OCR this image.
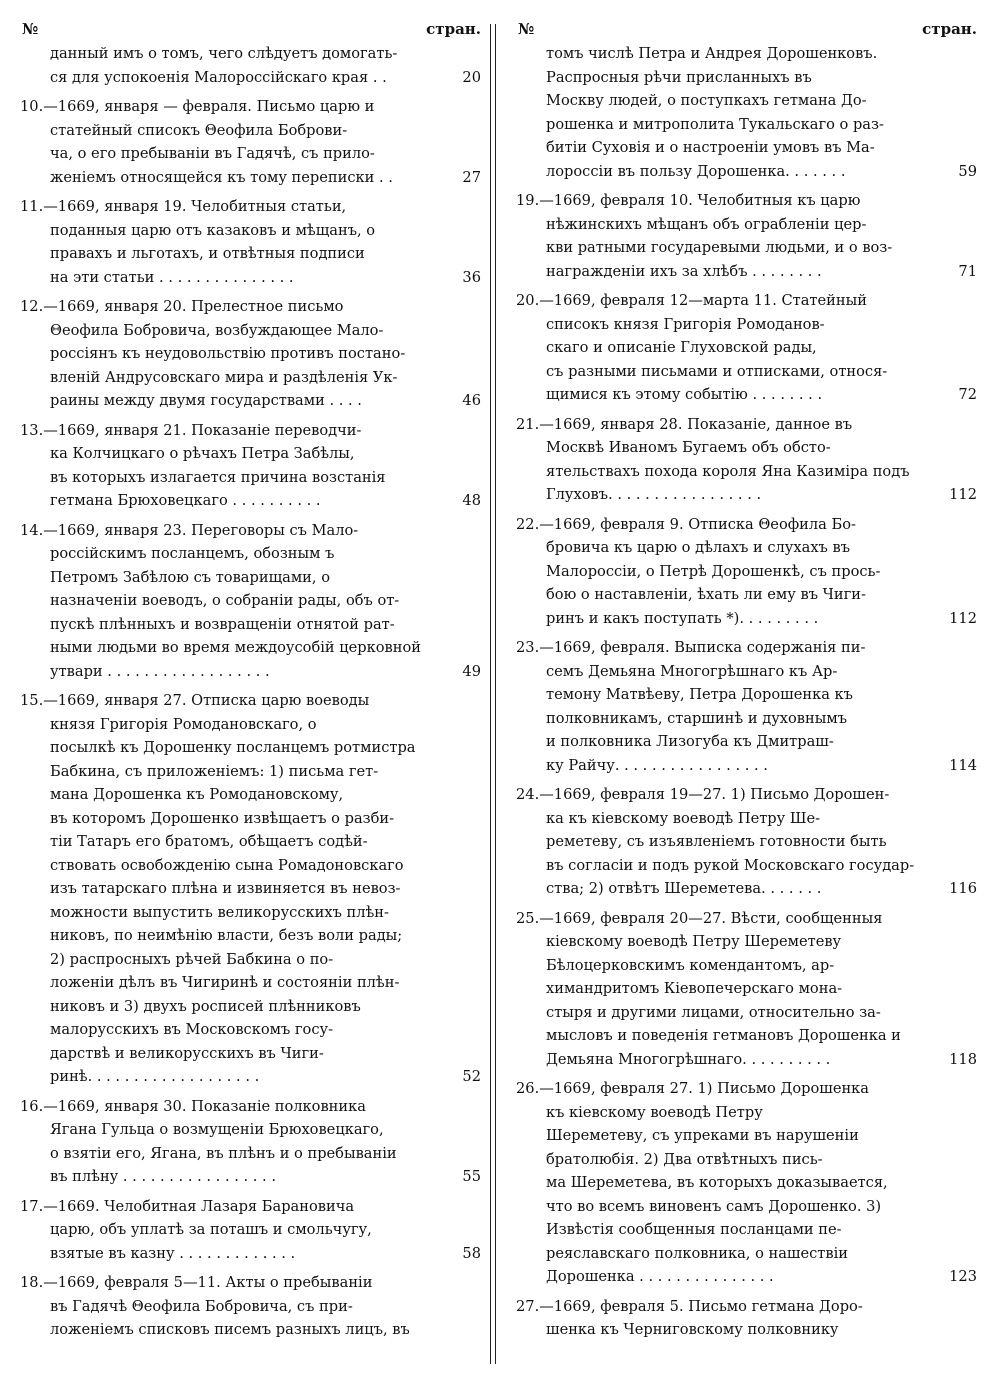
№	стран.
данный имъ о томъ, чего слѣдуетъ домогать-
ся для успокоенія Малороссійскаго края . .	20
10.—1669, января — февраля. Письмо царю и
статейный списокъ Θеофила Боброви-
ча, о его пребываніи въ Гадячѣ, съ прило-
женіемъ относящейся къ тому переписки . .	27
11.—1669, января 19. Челобитныя статьи,
поданныя царю отъ казаковъ и мѣщанъ, о
правахъ и льготахъ, и отвѣтныя подписи
на эти статьи . . . . . . . . . . . . . . .	36
12.—1669, января 20. Прелестное письмо
Θеофила Бобровича, возбуждающее Мало-
россіянъ къ неудовольствію противъ постано-
вленій Андрусовскаго мира и раздѣленія Ук-
раины между двумя государствами . . . .	46
13.—1669, января 21. Показаніе переводчи-
ка Колчицкаго о рѣчахъ Петра Забѣлы,
въ которыхъ излагается причина возстанія
гетмана Брюховецкаго . . . . . . . . . .	48
14.—1669, января 23. Переговоры съ Мало-
россійскимъ посланцемъ, обозным ъ
Петромъ Забѣлою съ товарищами, о
назначеніи воеводъ, о собраніи рады, объ от-
пускѣ плѣнныхъ и возвращеніи отнятой рат-
ными людьми во время междоусобій церковной
утвари . . . . . . . . . . . . . . . . . .	49
15.—1669, января 27. Отписка царю воеводы
князя Григорія Ромодановскаго, о
посылкѣ къ Дорошенку посланцемъ ротмистра
Бабкина, съ приложеніемъ: 1) письма гет-
мана Дорошенка къ Ромодановскому,
въ которомъ Дорошенко извѣщаетъ о разби-
тіи Татаръ его братомъ, обѣщаетъ содѣй-
ствовать освобожденію сына Ромадоновскаго
изъ татарскаго плѣна и извиняется въ невоз-
можности выпустить великорусскихъ плѣн-
никовъ, по неимѣнію власти, безъ воли рады;
2) распросныхъ рѣчей Бабкина о по-
ложеніи дѣлъ въ Чигиринѣ и состояніи плѣн-
никовъ и 3) двухъ росписей плѣнниковъ
малорусскихъ въ Московскомъ госу-
дарствѣ и великорусскихъ въ Чиги-
ринѣ. . . . . . . . . . . . . . . . . . .	52
16.—1669, января 30. Показаніе полковника
Ягана Гульца о возмущеніи Брюховецкаго,
о взятіи его, Ягана, въ плѣнъ и о пребываніи
въ плѣну . . . . . . . . . . . . . . . . .	55
17.—1669. Челобитная Лазаря Барановича
царю, объ уплатѣ за поташъ и смольчугу,
взятые въ казну . . . . . . . . . . . . .	58
18.—1669, февраля 5—11. Акты о пребываніи
въ Гадячѣ Θеофила Бобровича, съ при-
ложеніемъ списковъ писемъ разныхъ лицъ, въ
№	стран.
томъ числѣ Петра и Андрея Дорошенковъ.
Распросныя рѣчи присланныхъ въ
Москву людей, о поступкахъ гетмана До-
рошенка и митрополита Тукальскаго о раз-
битіи Суховія и о настроеніи умовъ въ Ма-
лороссіи въ пользу Дорошенка. . . . . . .	59
19.—1669, февраля 10. Челобитныя къ царю
нѣжинскихъ мѣщанъ объ ограбленіи цер-
кви ратными государевыми людьми, и о воз-
награжденіи ихъ за хлѣбъ . . . . . . . .	71
20.—1669, февраля 12—марта 11. Статейный
списокъ князя Григорія Ромоданов-
скаго и описаніе Глуховской рады,
съ разными письмами и отписками, относя-
щимися къ этому событію . . . . . . . .	72
21.—1669, января 28. Показаніе, данное въ
Москвѣ Иваномъ Бугаемъ объ обсто-
ятельствахъ похода короля Яна Казиміра подъ
Глуховъ. . . . . . . . . . . . . . . . .	112
22.—1669, февраля 9. Отписка Θеофила Бо-
бровича къ царю о дѣлахъ и слухахъ въ
Малороссіи, о Петрѣ Дорошенкѣ, съ прось-
бою о наставленіи, ѣхать ли ему въ Чиги-
ринъ и какъ поступать *). . . . . . . . .	112
23.—1669, февраля. Выписка содержанія пи-
семъ Демьяна Многогрѣшнаго къ Ар-
темону Матвѣеву, Петра Дорошенка къ
полковникамъ, старшинѣ и духовнымъ
и полковника Лизогуба къ Дмитраш-
ку Райчу. . . . . . . . . . . . . . . . .	114
24.—1669, февраля 19—27. 1) Письмо Дорошен-
ка къ кіевскому воеводѣ Петру Ше-
реметеву, съ изъявленіемъ готовности быть
въ согласіи и подъ рукой Московскаго государ-
ства; 2) отвѣтъ Шереметева. . . . . . .	116
25.—1669, февраля 20—27. Вѣсти, сообщенныя
кіевскому воеводѣ Петру Шереметеву
Бѣлоцерковскимъ комендантомъ, ар-
химандритомъ Кіевопечерскаго мона-
стыря и другими лицами, относительно за-
мысловъ и поведенія гетмановъ Дорошенка и
Демьяна Многогрѣшнаго. . . . . . . . . .	118
26.—1669, февраля 27. 1) Письмо Дорошенка
къ кіевскому воеводѣ Петру
Шереметеву, съ упреками въ нарушеніи
братолюбія. 2) Два отвѣтныхъ пись-
ма Шереметева, въ которыхъ доказывается,
что во всемъ виновенъ самъ Дорошенко. 3)
Извѣстія сообщенныя посланцами пе-
реяславскаго полковника, о нашествіи
Дорошенка . . . . . . . . . . . . . . .	123
27.—1669, февраля 5. Письмо гетмана Доро-
шенка къ Черниговскому полковнику
